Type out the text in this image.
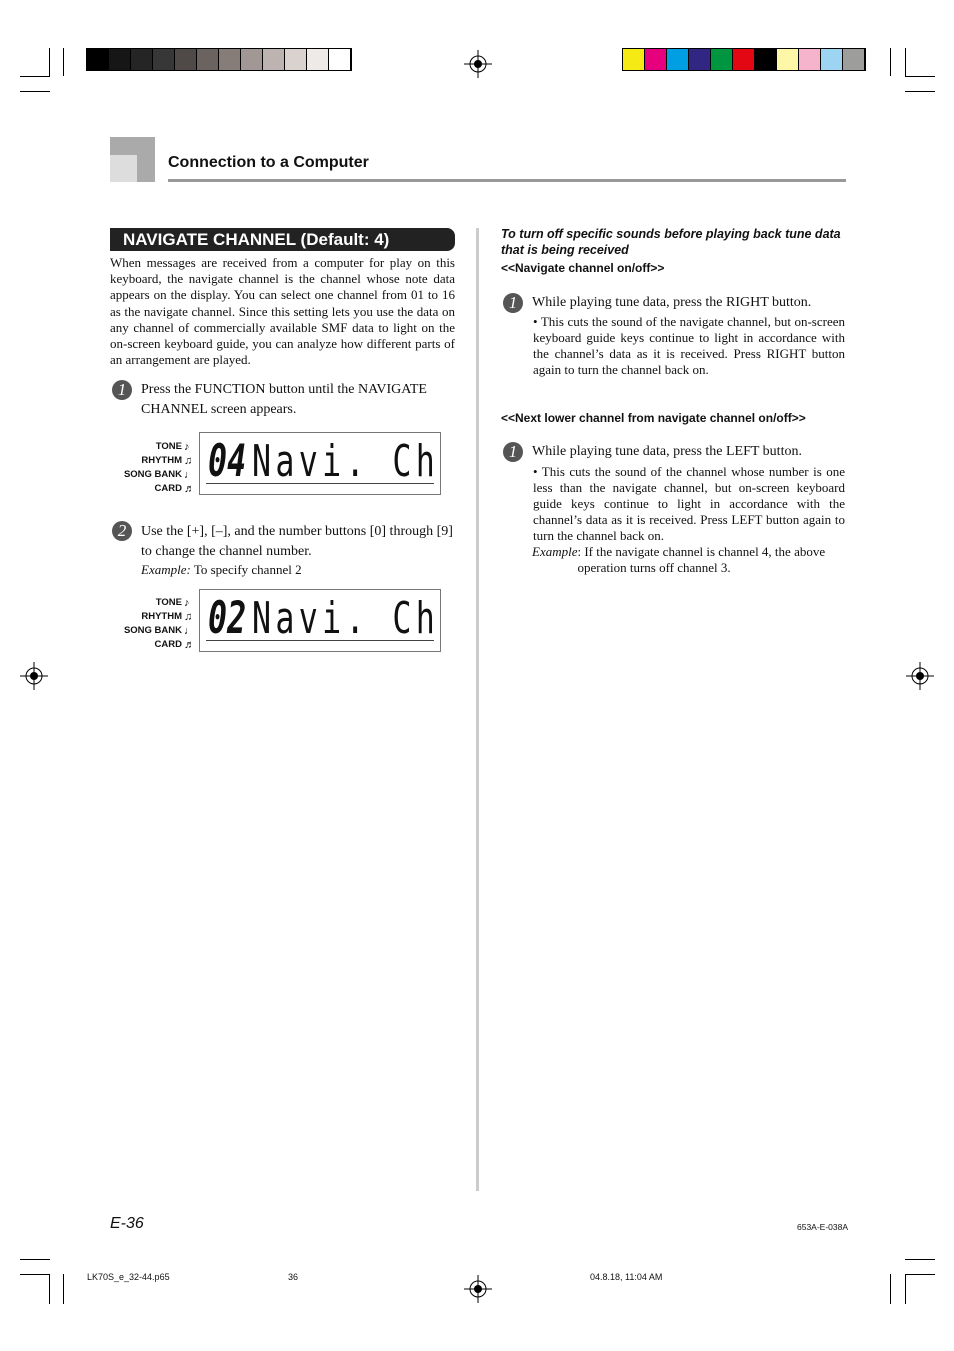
Connection to a Computer
NAVIGATE CHANNEL (Default: 4)
When messages are received from a computer for play on this keyboard, the navigate channel is the channel whose note data appears on the display. You can select one channel from 01 to 16 as the navigate channel. Since this setting lets you use the data on any channel of commercially available SMF data to light on the on-screen keyboard guide, you can analyze how different parts of an arrangement are played.
1	Press the FUNCTION button until the NAVIGATE CHANNEL screen appears.
TONE
RHYTHM
SONG BANK
CARD
♪
♫
♩
♬
04 Navi. Ch
2	Use the [+], [–], and the number buttons [0] through [9] to change the channel number.
Example: To specify channel 2
TONE
RHYTHM
SONG BANK
CARD
♪
♫
♩
♬
02 Navi. Ch
To turn off specific sounds before playing back tune data
that is being received
<<Navigate channel on/off>>
1	While playing tune data, press the RIGHT button.
• This cuts the sound of the navigate channel, but on-screen keyboard guide keys continue to light in accordance with the channel’s data as it is received. Press RIGHT button again to turn the channel back on.
<<Next lower channel from navigate channel on/off>>
1	While playing tune data, press the LEFT button.
• This cuts the sound of the channel whose number is one less than the navigate channel, but on-screen keyboard guide keys continue to light in accordance with the channel’s data as it is received. Press LEFT button again to turn the channel back on.
Example : If the navigate channel is channel 4, the above operation turns off channel 3.
E-36	653A-E-038A
LK70S_e_32-44.p65	36	04.8.18, 11:04 AM
